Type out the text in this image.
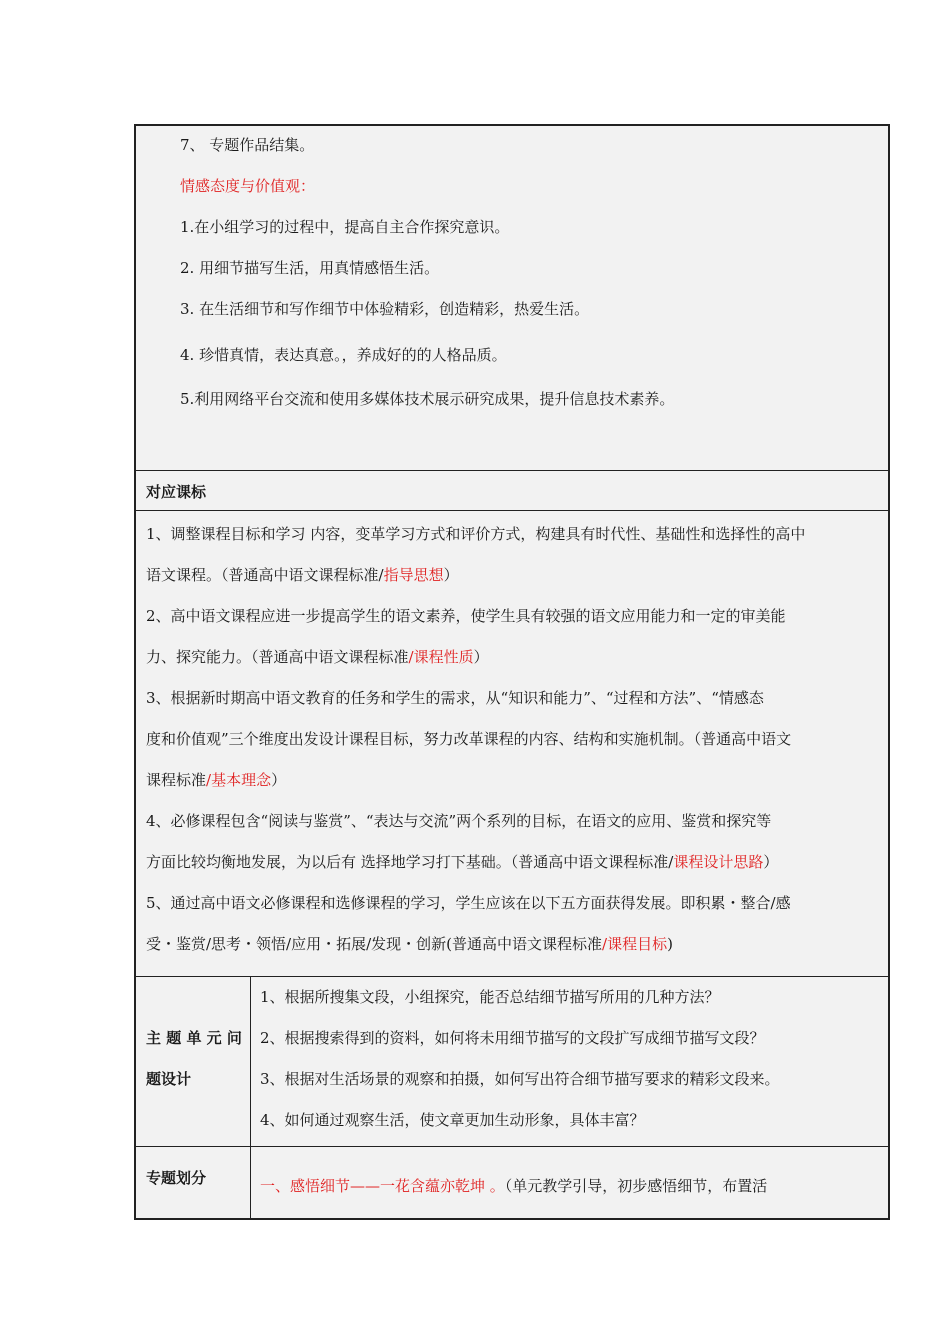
7、 专题作品结集。
情感态度与价值观：
1.在小组学习的过程中，提高自主合作探究意识。
2. 用细节描写生活，用真情感悟生活。
3. 在生活细节和写作细节中体验精彩，创造精彩，热爱生活。
4. 珍惜真情，表达真意。，养成好的的人格品质。
5.利用网络平台交流和使用多媒体技术展示研究成果，提升信息技术素养。
对应课标
1、调整课程目标和学习 内容，变革学习方式和评价方式，构建具有时代性、基础性和选择性的高中
语文课程。（普通高中语文课程标准/指导思想）
2、高中语文课程应进一步提高学生的语文素养，使学生具有较强的语文应用能力和一定的审美能
力、探究能力。（普通高中语文课程标准/课程性质）
3、根据新时期高中语文教育的任务和学生的需求，从“知识和能力”、“过程和方法”、“情感态
度和价值观”三个维度出发设计课程目标，努力改革课程的内容、结构和实施机制。（普通高中语文
课程标准/基本理念）
4、必修课程包含“阅读与鉴赏”、“表达与交流”两个系列的目标，在语文的应用、鉴赏和探究等
方面比较均衡地发展，为以后有 选择地学习打下基础。（普通高中语文课程标准/课程设计思路）
5、通过高中语文必修课程和选修课程的学习，学生应该在以下五方面获得发展。即积累・整合/感
受・鉴赏/思考・领悟/应用・拓展/发现・创新(普通高中语文课程标准/课程目标)
主 题 单 元 问
题设计
1、根据所搜集文段，小组探究，能否总结细节描写所用的几种方法？
2、根据搜索得到的资料，如何将未用细节描写的文段扩写成细节描写文段？
3、根据对生活场景的观察和拍摄，如何写出符合细节描写要求的精彩文段来。
4、如何通过观察生活，使文章更加生动形象，具体丰富？
专题划分	一、感悟细节——一花含蕴亦乾坤 。（单元教学引导，初步感悟细节，布置活
